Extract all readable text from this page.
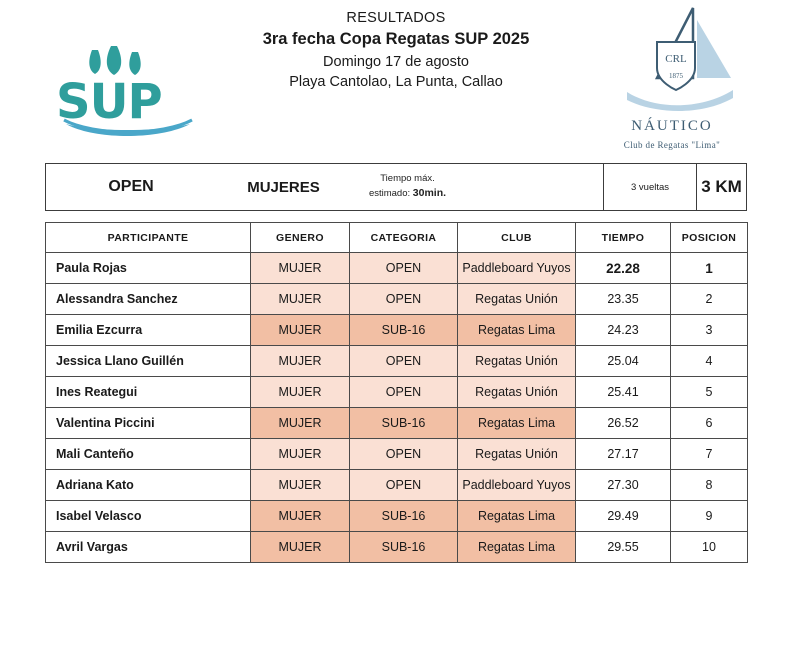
SUP
RESULTADOS
3ra fecha Copa Regatas SUP 2025
Domingo 17 de agosto
Playa Cantolao, La Punta, Callao
CRL
1875
NÁUTICO
Club de Regatas "Lima"
OPEN	MUJERES	Tiempo máx.
estimado: 30min.	3 vueltas	3 KM
PARTICIPANTE	GENERO	CATEGORIA	CLUB	TIEMPO	POSICION
Paula Rojas	MUJER	OPEN	Paddleboard Yuyos	22.28	1
Alessandra Sanchez	MUJER	OPEN	Regatas Unión	23.35	2
Emilia Ezcurra	MUJER	SUB-16	Regatas Lima	24.23	3
Jessica Llano Guillén	MUJER	OPEN	Regatas Unión	25.04	4
Ines Reategui	MUJER	OPEN	Regatas Unión	25.41	5
Valentina Piccini	MUJER	SUB-16	Regatas Lima	26.52	6
Mali Canteño	MUJER	OPEN	Regatas Unión	27.17	7
Adriana Kato	MUJER	OPEN	Paddleboard Yuyos	27.30	8
Isabel Velasco	MUJER	SUB-16	Regatas Lima	29.49	9
Avril Vargas	MUJER	SUB-16	Regatas Lima	29.55	10
